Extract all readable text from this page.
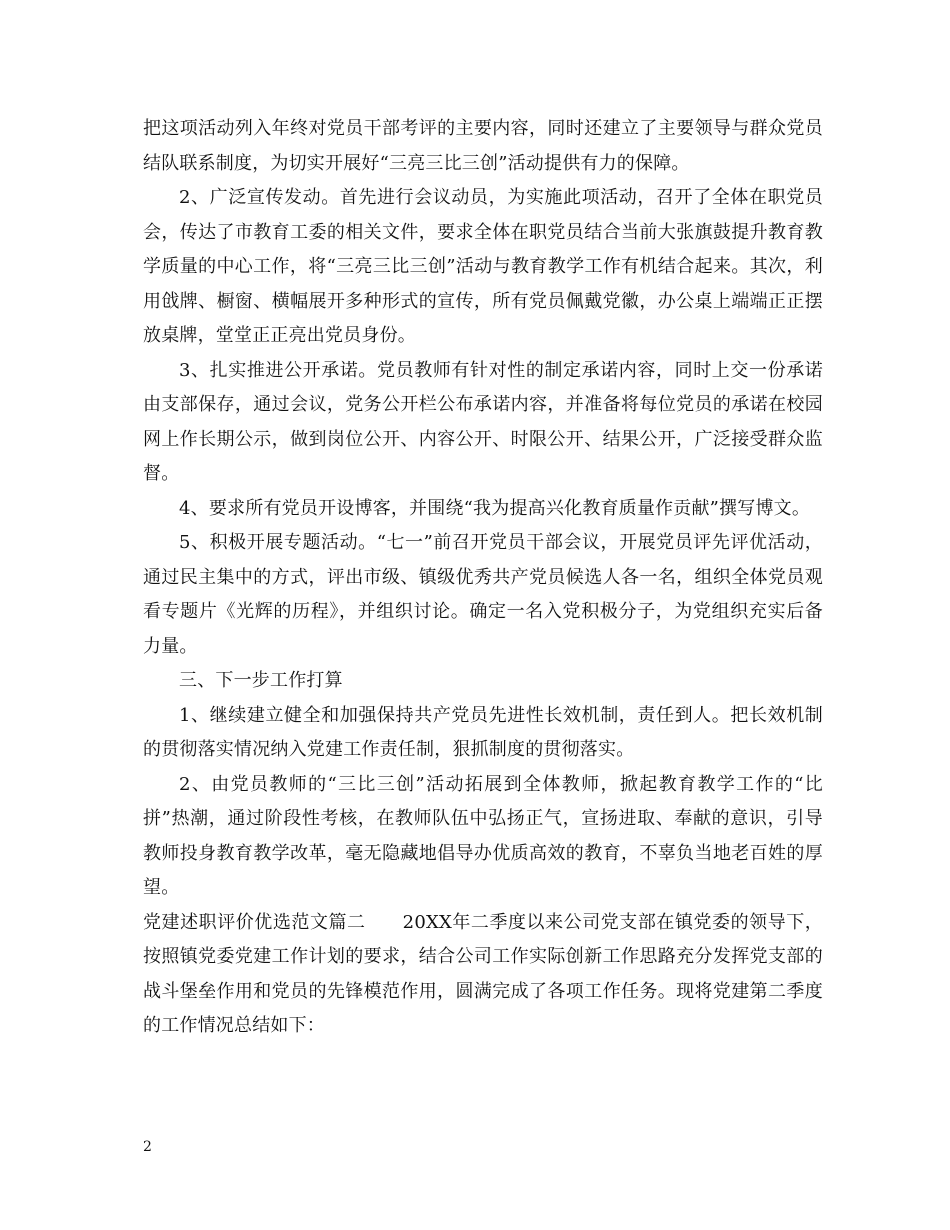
把这项活动列入年终对党员干部考评的主要内容，同时还建立了主要领导与群众党员结队联系制度，为切实开展好“三亮三比三创”活动提供有力的保障。

2、广泛宣传发动。首先进行会议动员，为实施此项活动，召开了全体在职党员会，传达了市教育工委的相关文件，要求全体在职党员结合当前大张旗鼓提升教育教学质量的中心工作，将“三亮三比三创”活动与教育教学工作有机结合起来。其次，利用戗牌、橱窗、横幅展开多种形式的宣传，所有党员佩戴党徽，办公桌上端端正正摆放桌牌，堂堂正正亮出党员身份。

3、扎实推进公开承诺。党员教师有针对性的制定承诺内容，同时上交一份承诺由支部保存，通过会议，党务公开栏公布承诺内容，并准备将每位党员的承诺在校园网上作长期公示，做到岗位公开、内容公开、时限公开、结果公开，广泛接受群众监督。

4、要求所有党员开设博客，并围绕“我为提高兴化教育质量作贡献”撰写博文。

5、积极开展专题活动。“七一”前召开党员干部会议，开展党员评先评优活动，通过民主集中的方式，评出市级、镇级优秀共产党员候选人各一名，组织全体党员观看专题片《光辉的历程》，并组织讨论。确定一名入党积极分子，为党组织充实后备力量。

三、下一步工作打算

1、继续建立健全和加强保持共产党员先进性长效机制，责任到人。把长效机制的贯彻落实情况纳入党建工作责任制，狠抓制度的贯彻落实。

2、由党员教师的“三比三创”活动拓展到全体教师，掀起教育教学工作的“比拼”热潮，通过阶段性考核，在教师队伍中弘扬正气，宣扬进取、奉献的意识，引导教师投身教育教学改革，毫无隐藏地倡导办优质高效的教育，不辜负当地老百姓的厚望。

党建述职评价优选范文篇二　　20XX年二季度以来公司党支部在镇党委的领导下，按照镇党委党建工作计划的要求，结合公司工作实际创新工作思路充分发挥党支部的战斗堡垒作用和党员的先锋模范作用，圆满完成了各项工作任务。现将党建第二季度的工作情况总结如下：

2
